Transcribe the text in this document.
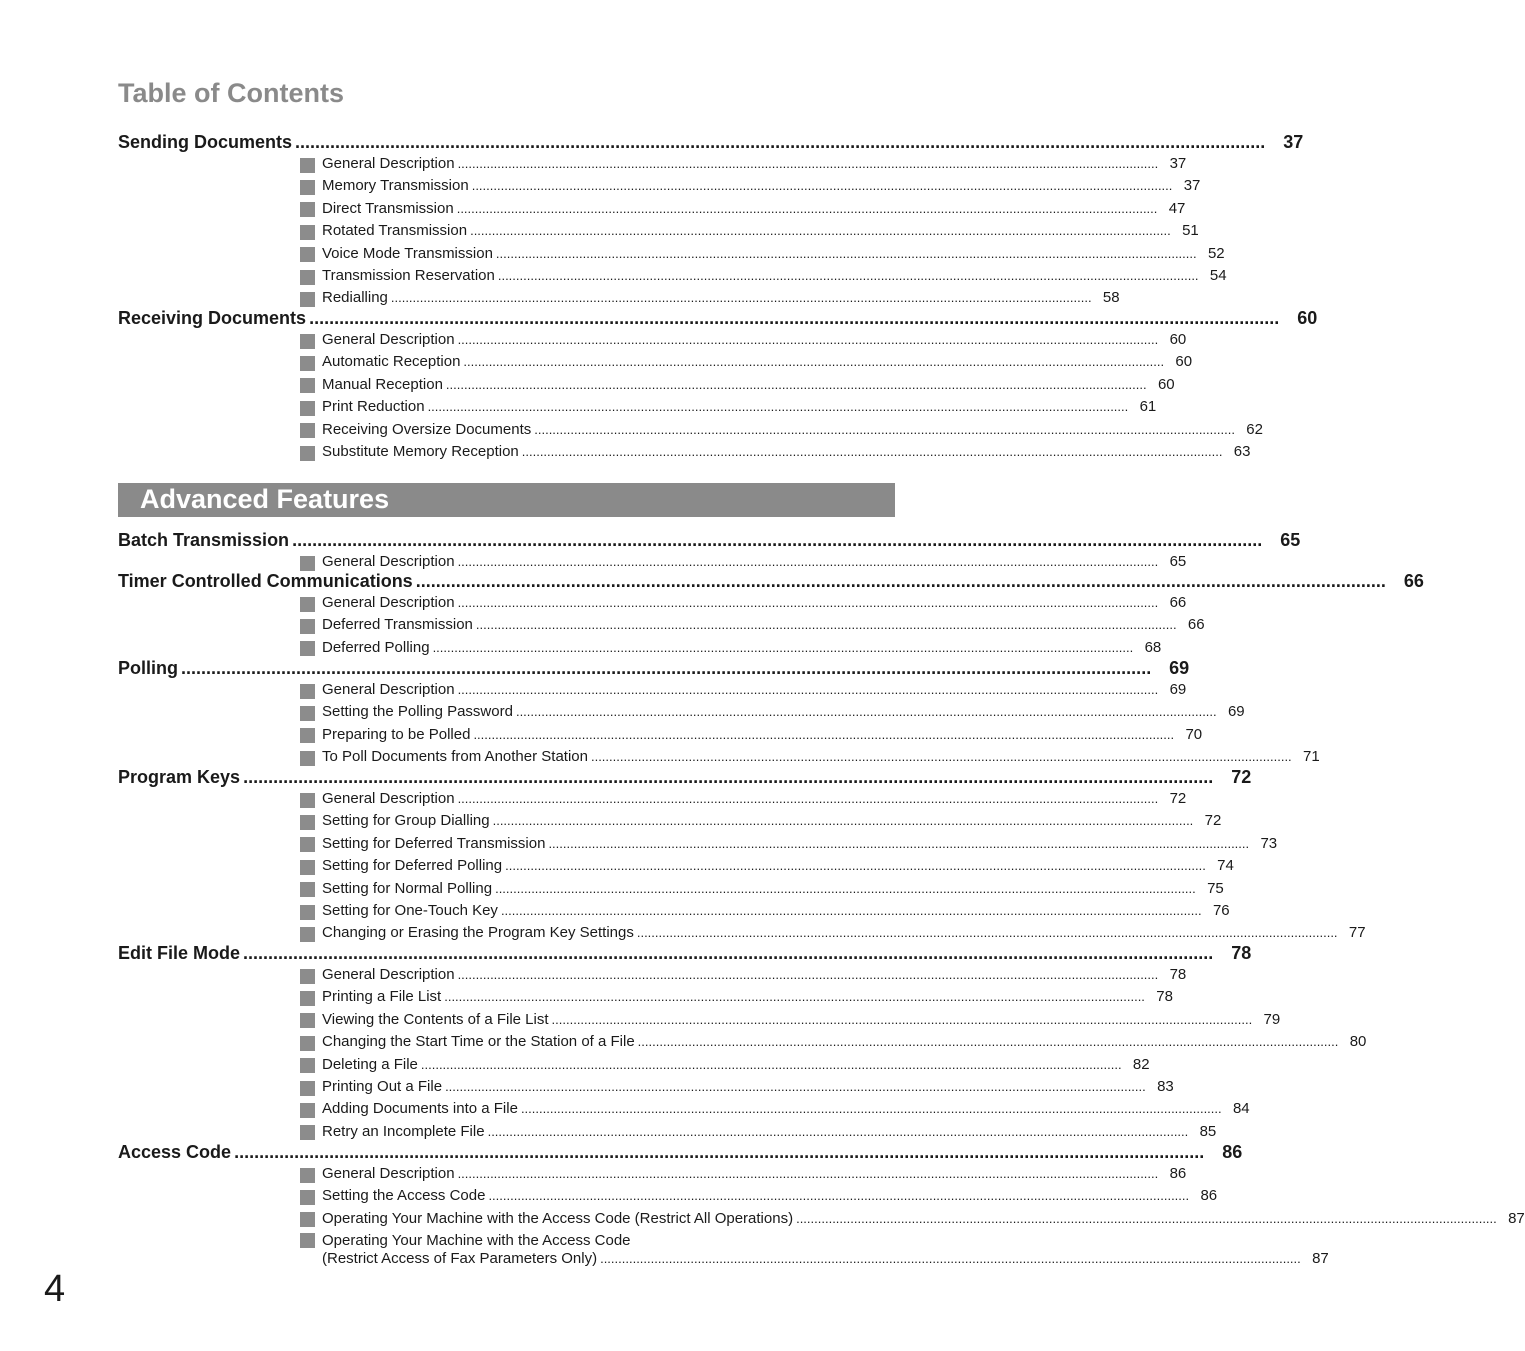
Table of Contents
Advanced Features
Sending Documents .................................................................................................................................................................................................. 37
General Description .................................................................................................................................................................................................. 37
Memory Transmission .................................................................................................................................................................................................. 37
Direct Transmission .................................................................................................................................................................................................. 47
Rotated Transmission .................................................................................................................................................................................................. 51
Voice Mode Transmission .................................................................................................................................................................................................. 52
Transmission Reservation .................................................................................................................................................................................................. 54
Redialling .................................................................................................................................................................................................. 58
Receiving Documents .................................................................................................................................................................................................. 60
General Description .................................................................................................................................................................................................. 60
Automatic Reception .................................................................................................................................................................................................. 60
Manual Reception .................................................................................................................................................................................................. 60
Print Reduction .................................................................................................................................................................................................. 61
Receiving Oversize Documents .................................................................................................................................................................................................. 62
Substitute Memory Reception .................................................................................................................................................................................................. 63
Batch Transmission .................................................................................................................................................................................................. 65
General Description .................................................................................................................................................................................................. 65
Timer Controlled Communications .................................................................................................................................................................................................. 66
General Description .................................................................................................................................................................................................. 66
Deferred Transmission .................................................................................................................................................................................................. 66
Deferred Polling .................................................................................................................................................................................................. 68
Polling .................................................................................................................................................................................................. 69
General Description .................................................................................................................................................................................................. 69
Setting the Polling Password .................................................................................................................................................................................................. 69
Preparing to be Polled .................................................................................................................................................................................................. 70
To Poll Documents from Another Station .................................................................................................................................................................................................. 71
Program Keys .................................................................................................................................................................................................. 72
General Description .................................................................................................................................................................................................. 72
Setting for Group Dialling .................................................................................................................................................................................................. 72
Setting for Deferred Transmission .................................................................................................................................................................................................. 73
Setting for Deferred Polling .................................................................................................................................................................................................. 74
Setting for Normal Polling .................................................................................................................................................................................................. 75
Setting for One-Touch Key .................................................................................................................................................................................................. 76
Changing or Erasing the Program Key Settings .................................................................................................................................................................................................. 77
Edit File Mode .................................................................................................................................................................................................. 78
General Description .................................................................................................................................................................................................. 78
Printing a File List .................................................................................................................................................................................................. 78
Viewing the Contents of a File List .................................................................................................................................................................................................. 79
Changing the Start Time or the Station of a File .................................................................................................................................................................................................. 80
Deleting a File .................................................................................................................................................................................................. 82
Printing Out a File .................................................................................................................................................................................................. 83
Adding Documents into a File .................................................................................................................................................................................................. 84
Retry an Incomplete File .................................................................................................................................................................................................. 85
Access Code .................................................................................................................................................................................................. 86
General Description .................................................................................................................................................................................................. 86
Setting the Access Code .................................................................................................................................................................................................. 86
Operating Your Machine with the Access Code (Restrict All Operations) .................................................................................................................................................................................................. 87
Operating Your Machine with the Access Code
(Restrict Access of Fax Parameters Only) .................................................................................................................................................................................................. 87
4
